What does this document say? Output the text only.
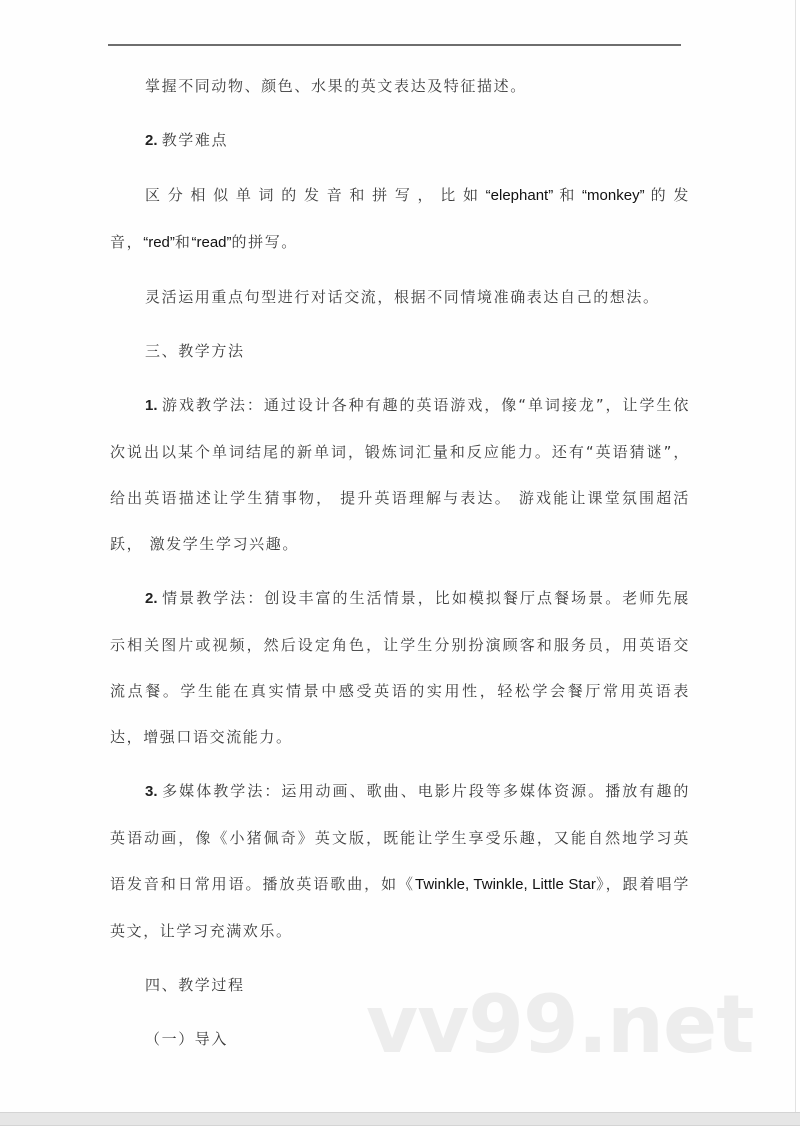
掌握不同动物、颜色、水果的英文表达及特征描述。

2. 教学难点

区分相似单词的发音和拼写，比如“elephant”和“monkey”的发音，“red”和“read”的拼写。

灵活运用重点句型进行对话交流，根据不同情境准确表达自己的想法。

三、教学方法

1. 游戏教学法：通过设计各种有趣的英语游戏，像“单词接龙”，让学生依次说出以某个单词结尾的新单词，锻炼词汇量和反应能力。还有“英语猜谜”，给出英语描述让学生猜事物， 提升英语理解与表达。 游戏能让课堂氛围超活跃， 激发学生学习兴趣。

2. 情景教学法：创设丰富的生活情景，比如模拟餐厅点餐场景。老师先展示相关图片或视频，然后设定角色，让学生分别扮演顾客和服务员，用英语交流点餐。学生能在真实情景中感受英语的实用性，轻松学会餐厅常用英语表达，增强口语交流能力。

3. 多媒体教学法：运用动画、歌曲、电影片段等多媒体资源。播放有趣的英语动画，像《小猪佩奇》英文版，既能让学生享受乐趣，又能自然地学习英语发音和日常用语。播放英语歌曲，如《Twinkle, Twinkle, Little Star》，跟着唱学英文，让学习充满欢乐。

四、教学过程

（一）导入	vv99.net
